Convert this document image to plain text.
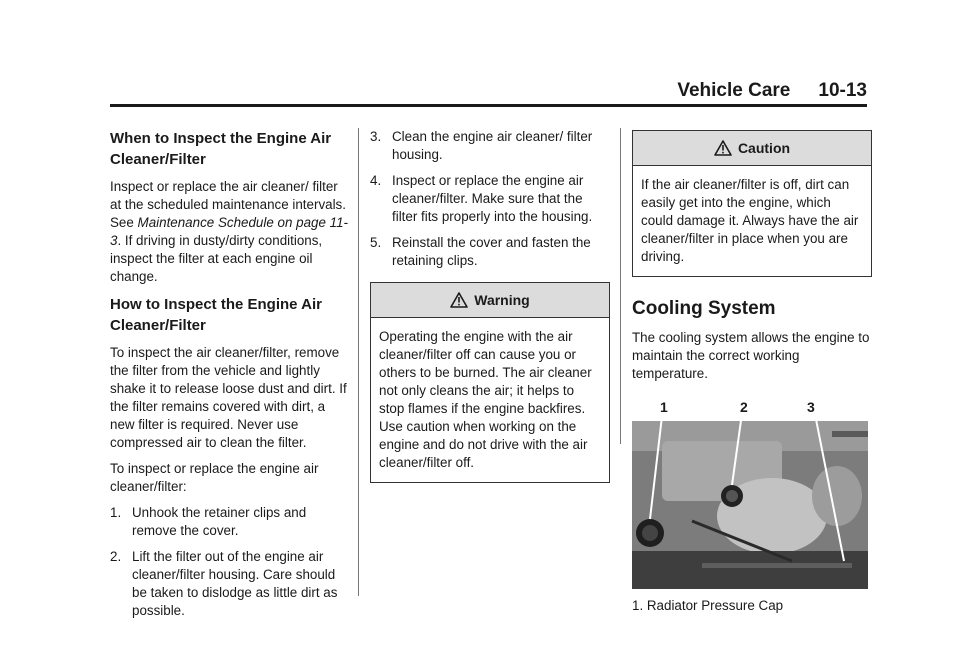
Vehicle Care 10-13
When to Inspect the Engine Air Cleaner/Filter

Inspect or replace the air cleaner/ filter at the scheduled maintenance intervals. See Maintenance Schedule on page 11-3. If driving in dusty/dirty conditions, inspect the filter at each engine oil change.

How to Inspect the Engine Air Cleaner/Filter

To inspect the air cleaner/filter, remove the filter from the vehicle and lightly shake it to release loose dust and dirt. If the filter remains covered with dirt, a new filter is required. Never use compressed air to clean the filter.

To inspect or replace the engine air cleaner/filter:

1. Unhook the retainer clips and remove the cover.
2. Lift the filter out of the engine air cleaner/filter housing. Care should be taken to dislodge as little dirt as possible.
3. Clean the engine air cleaner/ filter housing.
4. Inspect or replace the engine air cleaner/filter. Make sure that the filter fits properly into the housing.
5. Reinstall the cover and fasten the retaining clips.
Warning

Operating the engine with the air cleaner/filter off can cause you or others to be burned. The air cleaner not only cleans the air; it helps to stop flames if the engine backfires. Use caution when working on the engine and do not drive with the air cleaner/filter off.

Caution

If the air cleaner/filter is off, dirt can easily get into the engine, which could damage it. Always have the air cleaner/filter in place when you are driving.

Cooling System

The cooling system allows the engine to maintain the correct working temperature.

1	2	3

1. Radiator Pressure Cap
